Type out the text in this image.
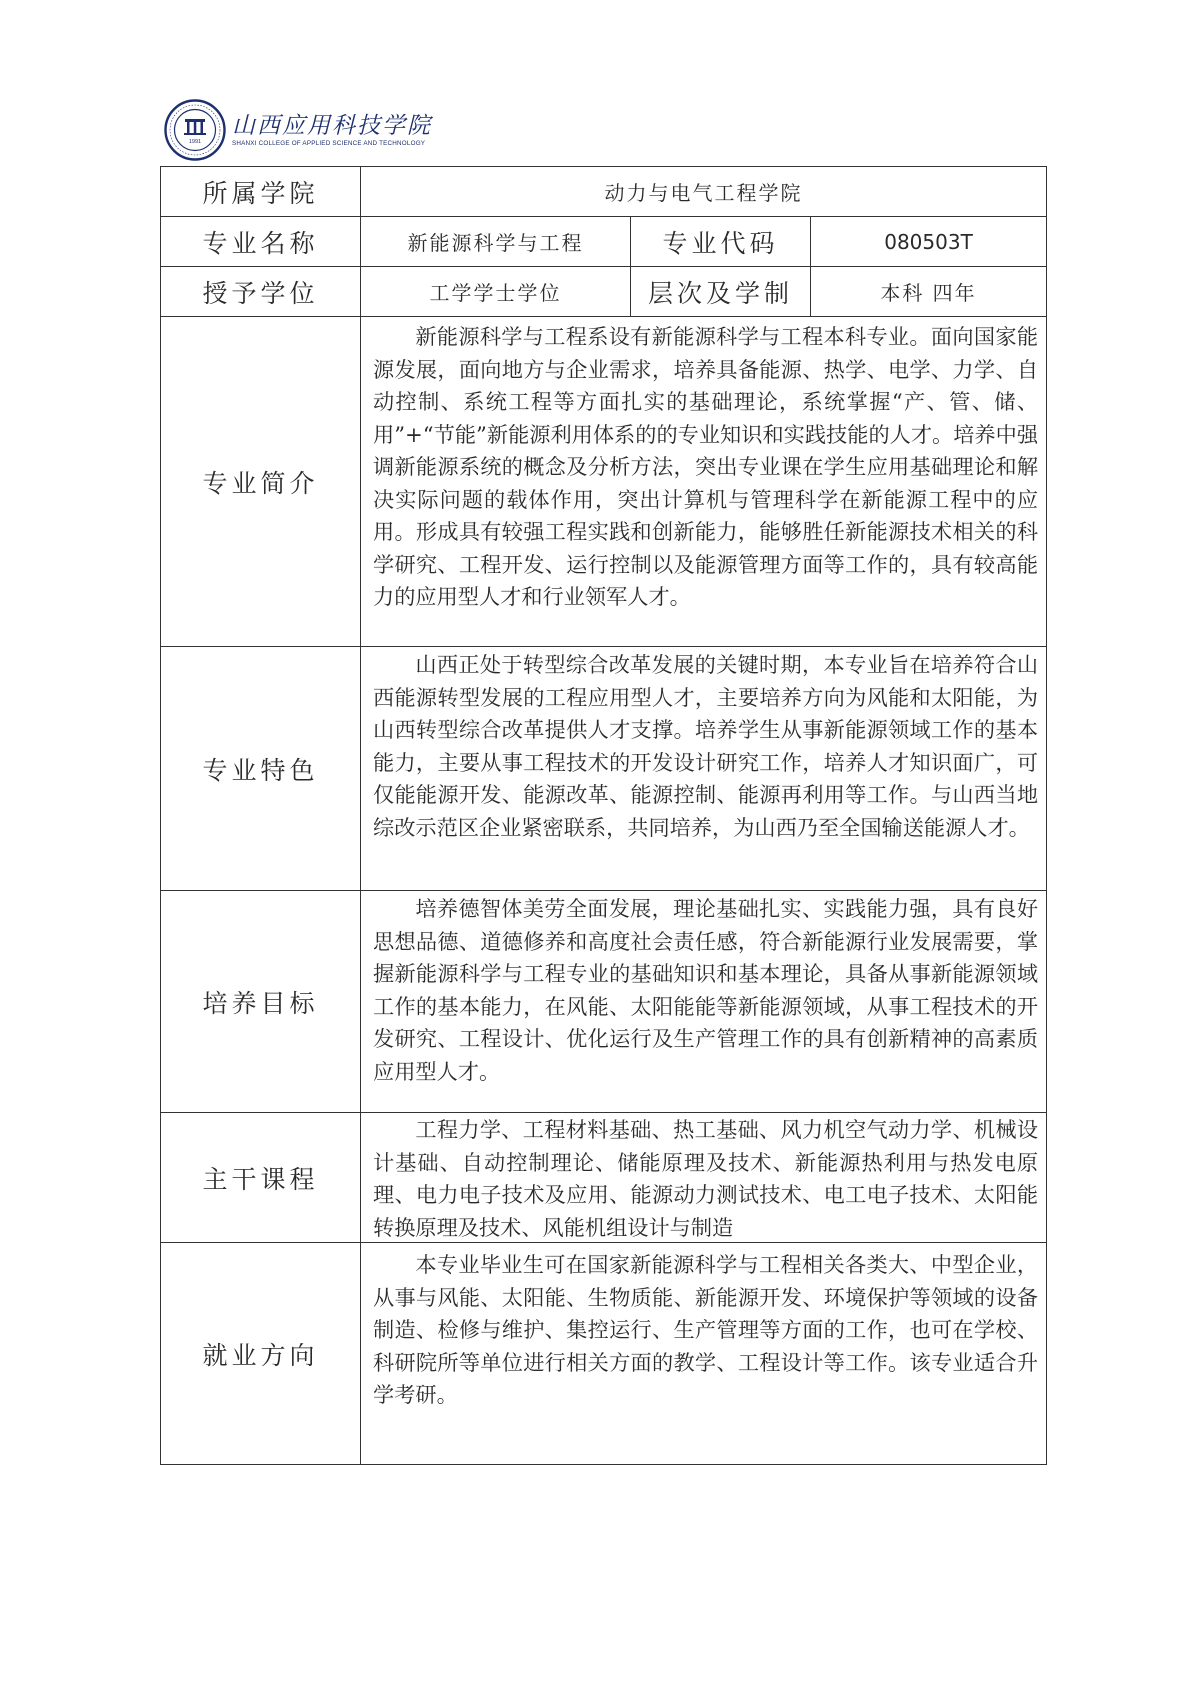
1991
山西应用科技学院
SHANXI COLLEGE OF APPLIED SCIENCE AND TECHNOLOGY
所属学院	动力与电气工程学院		
专业名称	新能源科学与工程	专业代码	080503T
授予学位	工学学士学位	层次及学制	本科 四年
专业简介	新能源科学与工程系设有新能源科学与工程本科专业。面向国家能源发展，面向地方与企业需求，培养具备能源、热学、电学、力学、自动控制、系统工程等方面扎实的基础理论，系统掌握“产、管、储、用”+“节能”新能源利用体系的的专业知识和实践技能的人才。培养中强调新能源系统的概念及分析方法，突出专业课在学生应用基础理论和解决实际问题的载体作用，突出计算机与管理科学在新能源工程中的应用。形成具有较强工程实践和创新能力，能够胜任新能源技术相关的科学研究、工程开发、运行控制以及能源管理方面等工作的，具有较高能力的应用型人才和行业领军人才。		

专业特色	山西正处于转型综合改革发展的关键时期，本专业旨在培养符合山西能源转型发展的工程应用型人才，主要培养方向为风能和太阳能，为山西转型综合改革提供人才支撑。培养学生从事新能源领域工作的基本能力，主要从事工程技术的开发设计研究工作，培养人才知识面广，可仅能能源开发、能源改革、能源控制、能源再利用等工作。与山西当地综改示范区企业紧密联系，共同培养，为山西乃至全国输送能源人才。		

培养目标	培养德智体美劳全面发展，理论基础扎实、实践能力强，具有良好思想品德、道德修养和高度社会责任感，符合新能源行业发展需要，掌握新能源科学与工程专业的基础知识和基本理论，具备从事新能源领域工作的基本能力，在风能、太阳能能等新能源领域，从事工程技术的开发研究、工程设计、优化运行及生产管理工作的具有创新精神的高素质应用型人才。		

主干课程	工程力学、工程材料基础、热工基础、风力机空气动力学、机械设计基础、自动控制理论、储能原理及技术、新能源热利用与热发电原理、电力电子技术及应用、能源动力测试技术、电工电子技术、太阳能转换原理及技术、风能机组设计与制造		

就业方向	本专业毕业生可在国家新能源科学与工程相关各类大、中型企业，从事与风能、太阳能、生物质能、新能源开发、环境保护等领域的设备制造、检修与维护、集控运行、生产管理等方面的工作，也可在学校、科研院所等单位进行相关方面的教学、工程设计等工作。该专业适合升学考研。		
